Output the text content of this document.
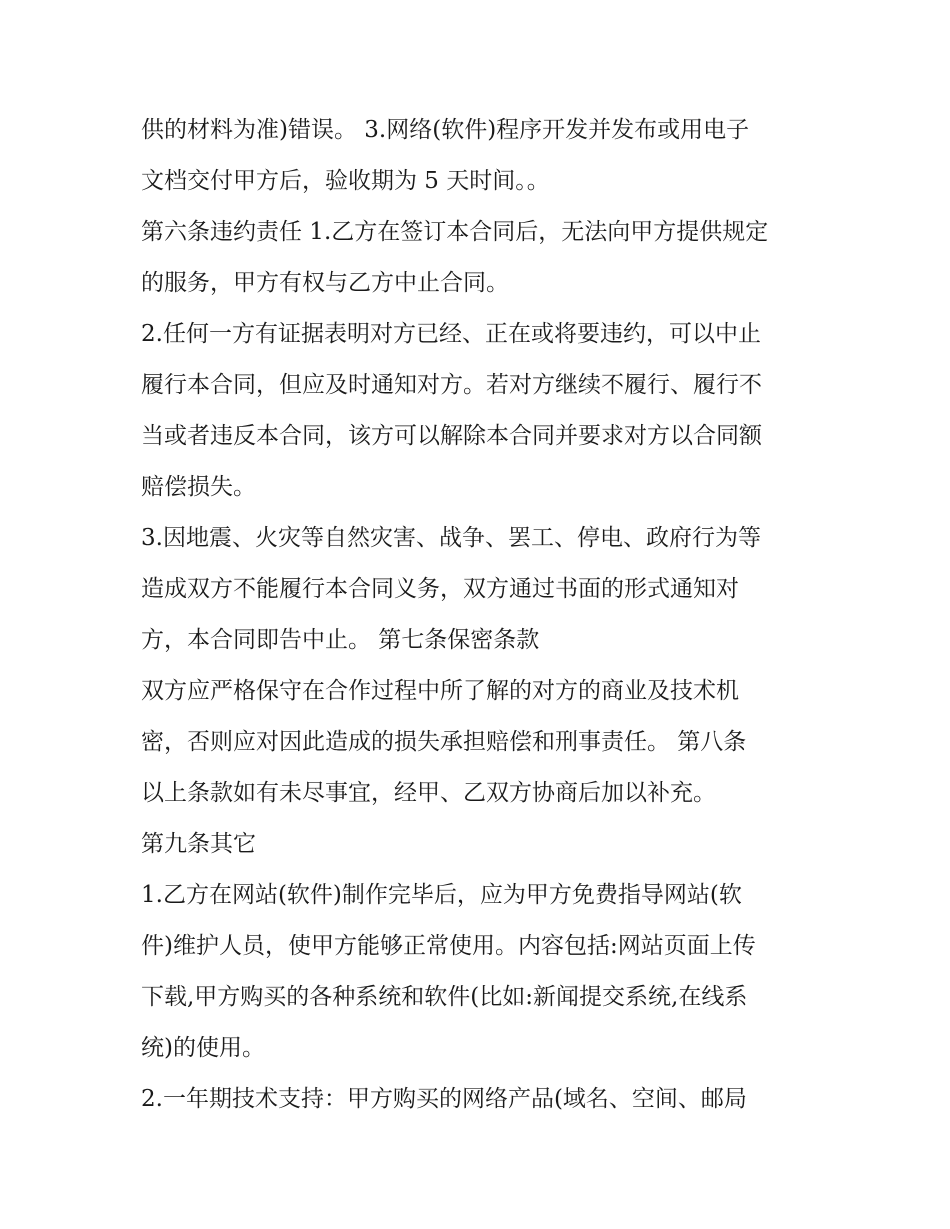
供的材料为准)错误。 3.网络(软件)程序开发并发布或用电子
文档交付甲方后，验收期为 5 天时间。。
第六条违约责任 1.乙方在签订本合同后，无法向甲方提供规定
的服务，甲方有权与乙方中止合同。
2.任何一方有证据表明对方已经、正在或将要违约，可以中止
履行本合同，但应及时通知对方。若对方继续不履行、履行不
当或者违反本合同，该方可以解除本合同并要求对方以合同额
赔偿损失。
3.因地震、火灾等自然灾害、战争、罢工、停电、政府行为等
造成双方不能履行本合同义务，双方通过书面的形式通知对
方，本合同即告中止。 第七条保密条款
双方应严格保守在合作过程中所了解的对方的商业及技术机
密，否则应对因此造成的损失承担赔偿和刑事责任。 第八条
以上条款如有未尽事宜，经甲、乙双方协商后加以补充。
第九条其它
1.乙方在网站(软件)制作完毕后，应为甲方免费指导网站(软
件)维护人员，使甲方能够正常使用。内容包括:网站页面上传
下载,甲方购买的各种系统和软件(比如:新闻提交系统,在线系
统)的使用。
2.一年期技术支持：甲方购买的网络产品(域名、空间、邮局
